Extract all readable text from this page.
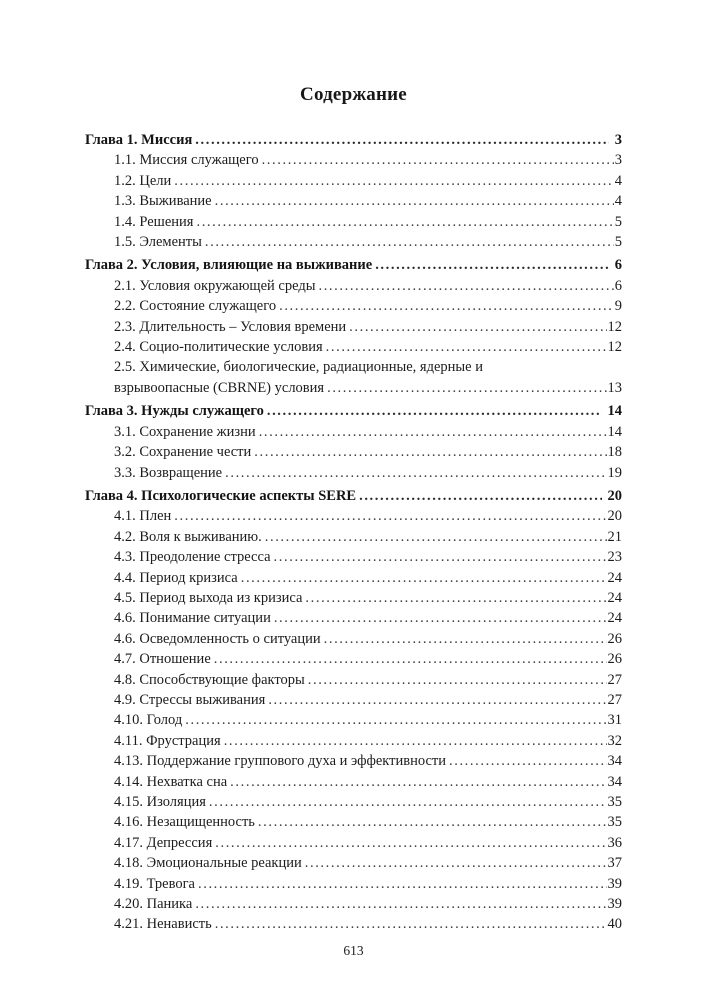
Содержание
Глава 1. Миссия .....	3
1.1. Миссия служащего .....	3
1.2. Цели .....	4
1.3. Выживание .....	4
1.4. Решения .....	5
1.5. Элементы .....	5
Глава 2. Условия, влияющие на выживание .....	6
2.1. Условия окружающей среды .....	6
2.2. Состояние служащего .....	9
2.3. Длительность – Условия времени .....	12
2.4. Социо-политические условия .....	12
2.5. Химические, биологические, радиационные, ядерные и
взрывоопасные (CBRNE) условия .....	13
Глава 3. Нужды служащего .....	14
3.1. Сохранение жизни .....	14
3.2. Сохранение чести .....	18
3.3. Возвращение .....	19
Глава 4. Психологические аспекты SERE .....	20
4.1. Плен .....	20
4.2. Воля к выживанию. .....	21
4.3. Преодоление стресса .....	23
4.4. Период кризиса .....	24
4.5. Период выхода из кризиса .....	24
4.6. Понимание ситуации .....	24
4.6. Осведомленность о ситуации .....	26
4.7. Отношение .....	26
4.8. Способствующие факторы .....	27
4.9. Стрессы выживания .....	27
4.10. Голод .....	31
4.11. Фрустрация .....	32
4.13. Поддержание группового духа и эффективности .....	34
4.14. Нехватка сна .....	34
4.15. Изоляция .....	35
4.16. Незащищенность .....	35
4.17. Депрессия .....	36
4.18. Эмоциональные реакции .....	37
4.19. Тревога .....	39
4.20. Паника .....	39
4.21. Ненависть .....	40
613
